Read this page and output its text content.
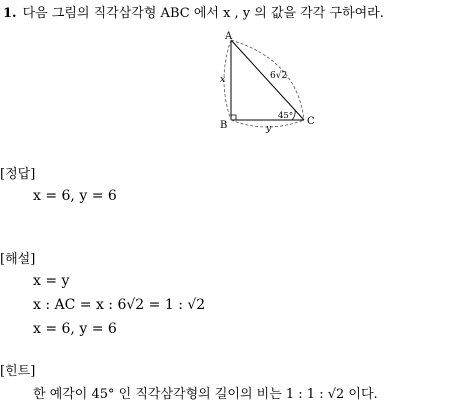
1. 다음 그림의 직각삼각형 ABC 에서 x , y 의 값을 각각 구하여라.
A
B	C
x
y
6√2
45°
[정답]
x = 6, y = 6
[해설]
x = y
x : AC = x : 6√2 = 1 : √2
x = 6, y = 6
[힌트]
한 예각이 45° 인 직각삼각형의 길이의 비는 1 : 1 : √2 이다.
